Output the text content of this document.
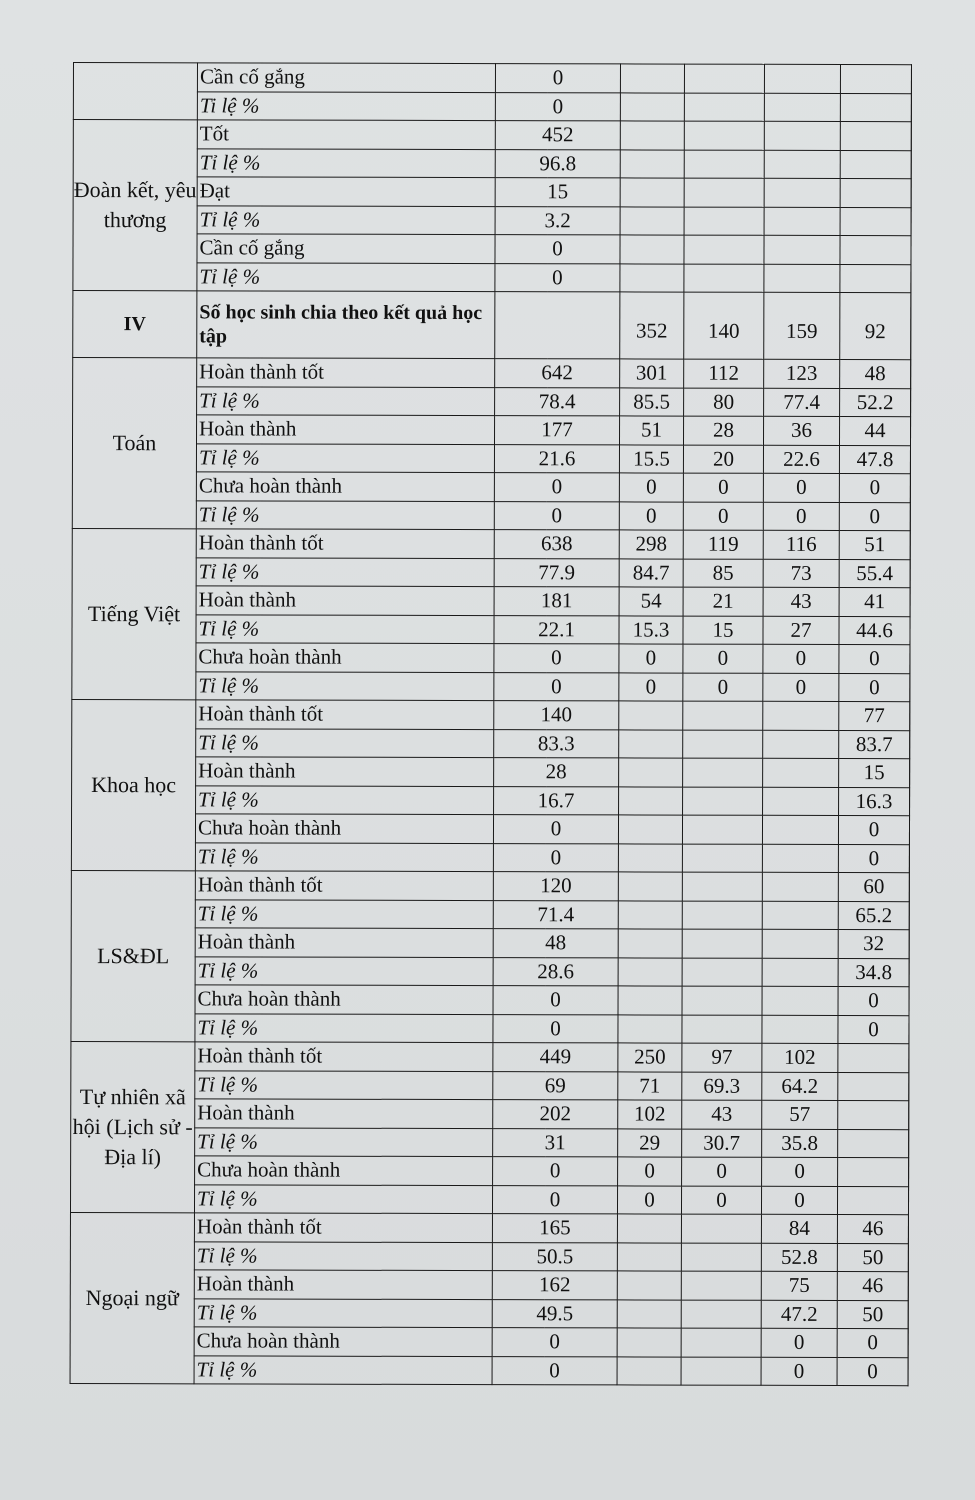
	Cần cố gắng	0					
	Ti lệ %	0					
Đoàn kết, yêu thương	Tốt	452					
	Tỉ lệ %	96.8					
	Đạt	15					
	Tỉ lệ %	3.2					
	Cần cố gắng	0					
	Tỉ lệ %	0					
IV	Số học sinh chia theo kết quả học tập		352	140	159	92	
Toán	Hoàn thành tốt	642	301	112	123	48	
	Tỉ lệ %	78.4	85.5	80	77.4	52.2	
	Hoàn thành	177	51	28	36	44	
	Tỉ lệ %	21.6	15.5	20	22.6	47.8	
	Chưa hoàn thành	0	0	0	0	0	
	Tỉ lệ %	0	0	0	0	0	
Tiếng Việt	Hoàn thành tốt	638	298	119	116	51	
	Tỉ lệ %	77.9	84.7	85	73	55.4	
	Hoàn thành	181	54	21	43	41	
	Tỉ lệ %	22.1	15.3	15	27	44.6	
	Chưa hoàn thành	0	0	0	0	0	
	Tỉ lệ %	0	0	0	0	0	
Khoa học	Hoàn thành tốt	140				77	
	Tỉ lệ %	83.3				83.7	
	Hoàn thành	28				15	
	Tỉ lệ %	16.7				16.3	
	Chưa hoàn thành	0				0	
	Tỉ lệ %	0				0	
LS&ĐL	Hoàn thành tốt	120				60	
	Tỉ lệ %	71.4				65.2	
	Hoàn thành	48				32	
	Tỉ lệ %	28.6				34.8	
	Chưa hoàn thành	0				0	
	Tỉ lệ %	0				0	
Tự nhiên xã hội (Lịch sử - Địa lí)	Hoàn thành tốt	449	250	97	102		
	Tỉ lệ %	69	71	69.3	64.2		
	Hoàn thành	202	102	43	57		
	Tỉ lệ %	31	29	30.7	35.8		
	Chưa hoàn thành	0	0	0	0		
	Tỉ lệ %	0	0	0	0		
Ngoại ngữ	Hoàn thành tốt	165			84	46	
	Tỉ lệ %	50.5			52.8	50	
	Hoàn thành	162			75	46	
	Tỉ lệ %	49.5			47.2	50	
	Chưa hoàn thành	0			0	0	
	Tỉ lệ %	0			0	0	
